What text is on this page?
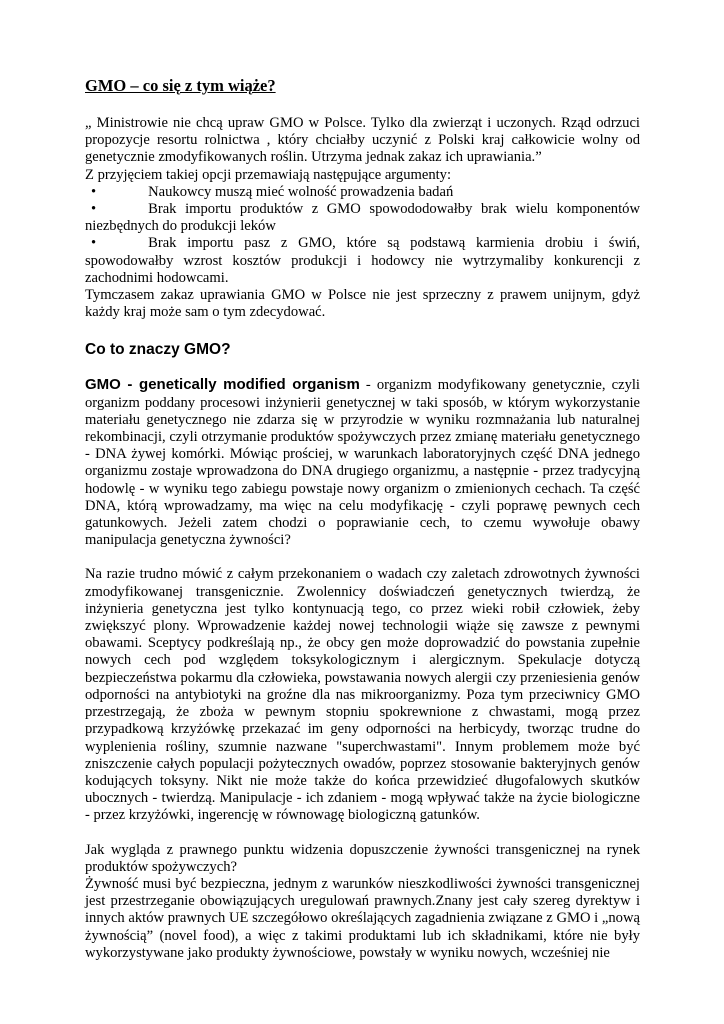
GMO – co się z tym wiąże?

„ Ministrowie nie chcą upraw GMO w Polsce. Tylko dla zwierząt i uczonych. Rząd odrzuci propozycje resortu rolnictwa , który chciałby uczynić z Polski kraj całkowicie wolny od genetycznie zmodyfikowanych roślin. Utrzyma jednak zakaz ich uprawiania.”

Z przyjęciem takiej opcji przemawiają następujące argumenty:

•	Naukowcy muszą mieć wolność prowadzenia badań
•	Brak importu produktów z GMO spowododowałby brak wielu komponentów niezbędnych do produkcji leków
•	Brak importu pasz z GMO, które są podstawą karmienia drobiu i świń, spowodowałby wzrost kosztów produkcji i hodowcy nie wytrzymaliby konkurencji z zachodnimi hodowcami.

Tymczasem zakaz uprawiania GMO w Polsce nie jest sprzeczny z prawem unijnym, gdyż każdy kraj może sam o tym zdecydować.

Co to znaczy GMO?

GMO - genetically modified organism - organizm modyfikowany genetycznie, czyli organizm poddany procesowi inżynierii genetycznej w taki sposób, w którym wykorzystanie materiału genetycznego nie zdarza się w przyrodzie w wyniku rozmnażania lub naturalnej rekombinacji, czyli otrzymanie produktów spożywczych przez zmianę materiału genetycznego - DNA żywej komórki. Mówiąc prościej, w warunkach laboratoryjnych część DNA jednego organizmu zostaje wprowadzona do DNA drugiego organizmu, a następnie - przez tradycyjną hodowlę - w wyniku tego zabiegu powstaje nowy organizm o zmienionych cechach. Ta część DNA, którą wprowadzamy, ma więc na celu modyfikację - czyli poprawę pewnych cech gatunkowych. Jeżeli zatem chodzi o poprawianie cech, to czemu wywołuje obawy manipulacja genetyczna żywności?

Na razie trudno mówić z całym przekonaniem o wadach czy zaletach zdrowotnych żywności zmodyfikowanej transgenicznie. Zwolennicy doświadczeń genetycznych twierdzą, że inżynieria genetyczna jest tylko kontynuacją tego, co przez wieki robił człowiek, żeby zwiększyć plony. Wprowadzenie każdej nowej technologii wiąże się zawsze z pewnymi obawami. Sceptycy podkreślają np., że obcy gen może doprowadzić do powstania zupełnie nowych cech pod względem toksykologicznym i alergicznym. Spekulacje dotyczą bezpieczeństwa pokarmu dla człowieka, powstawania nowych alergii czy przeniesienia genów odporności na antybiotyki na groźne dla nas mikroorganizmy. Poza tym przeciwnicy GMO przestrzegają, że zboża w pewnym stopniu spokrewnione z chwastami, mogą przez przypadkową krzyżówkę przekazać im geny odporności na herbicydy, tworząc trudne do wyplenienia rośliny, szumnie nazwane "superchwastami". Innym problemem może być zniszczenie całych populacji pożytecznych owadów, poprzez stosowanie bakteryjnych genów kodujących toksyny. Nikt nie może także do końca przewidzieć długofalowych skutków ubocznych - twierdzą. Manipulacje - ich zdaniem - mogą wpływać także na życie biologiczne - przez krzyżówki, ingerencję w równowagę biologiczną gatunków.

Jak wygląda z prawnego punktu widzenia dopuszczenie żywności transgenicznej na rynek produktów spożywczych?

Żywność musi być bezpieczna, jednym z warunków nieszkodliwości żywności transgenicznej jest przestrzeganie obowiązujących uregulowań prawnych.Znany jest cały szereg dyrektyw i innych aktów prawnych UE szczegółowo określających zagadnienia związane z GMO i „nową żywnością” (novel food), a więc z takimi produktami lub ich składnikami, które nie były wykorzystywane jako produkty żywnościowe, powstały w wyniku nowych, wcześniej nie
